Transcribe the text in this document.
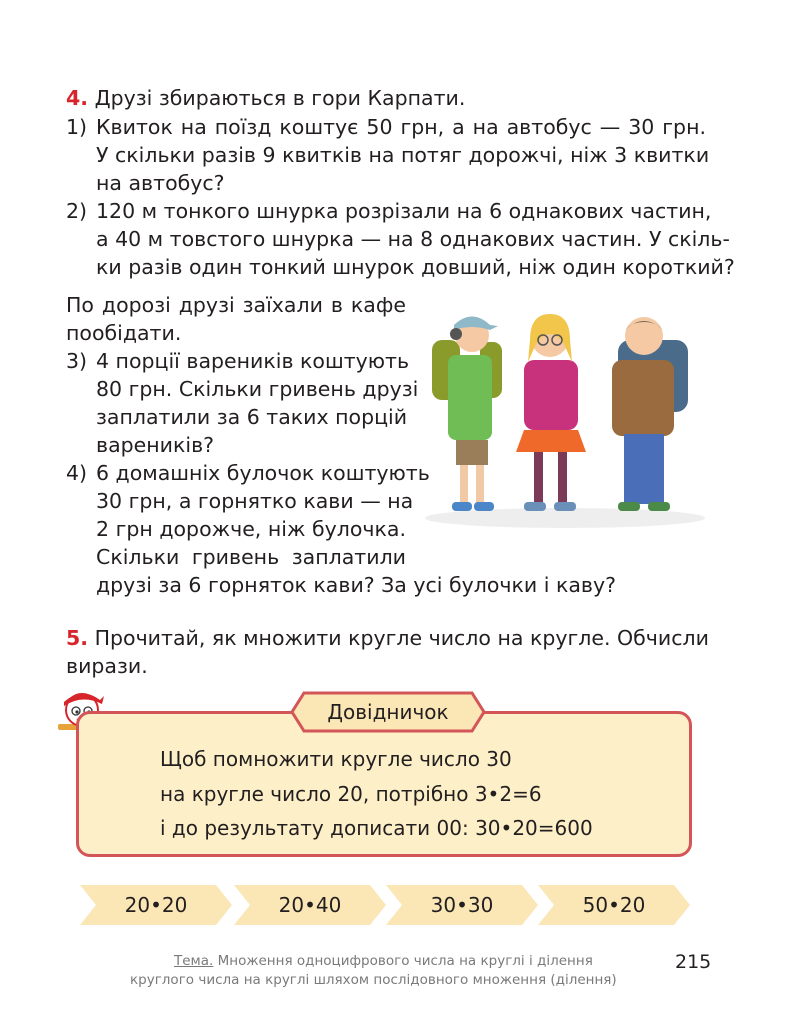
4. Друзі збираються в гори Карпати.
1) Квиток на поїзд коштує 50 грн, а на автобус — 30 грн.
У скільки разів 9 квитків на потяг дорожчі, ніж 3 квитки
на автобус?
2) 120 м тонкого шнурка розрізали на 6 однакових частин,
а 40 м товстого шнурка — на 8 однакових частин. У скіль-
ки разів один тонкий шнурок довший, ніж один короткий?
По дорозі друзі заїхали в кафе
пообідати.
3) 4 порції вареників коштують
80 грн. Скільки гривень друзі
заплатили за 6 таких порцій
вареників?
4) 6 домашніх булочок коштують
30 грн, а горнятко кави — на
2 грн дорожче, ніж булочка.
Скільки гривень заплатили
друзі за 6 горняток кави? За усі булочки і каву?
5. Прочитай, як множити кругле число на кругле. Обчисли
вирази.
Довідничок
Щоб помножити кругле число 30
на кругле число 20, потрібно 3•2=6
і до результату дописати 00: 30•20=600
20•20	20•40	30•30	50•20
Тема. Множення одноцифрового числа на круглі і ділення
круглого числа на круглі шляхом послідовного множення (ділення)
215
